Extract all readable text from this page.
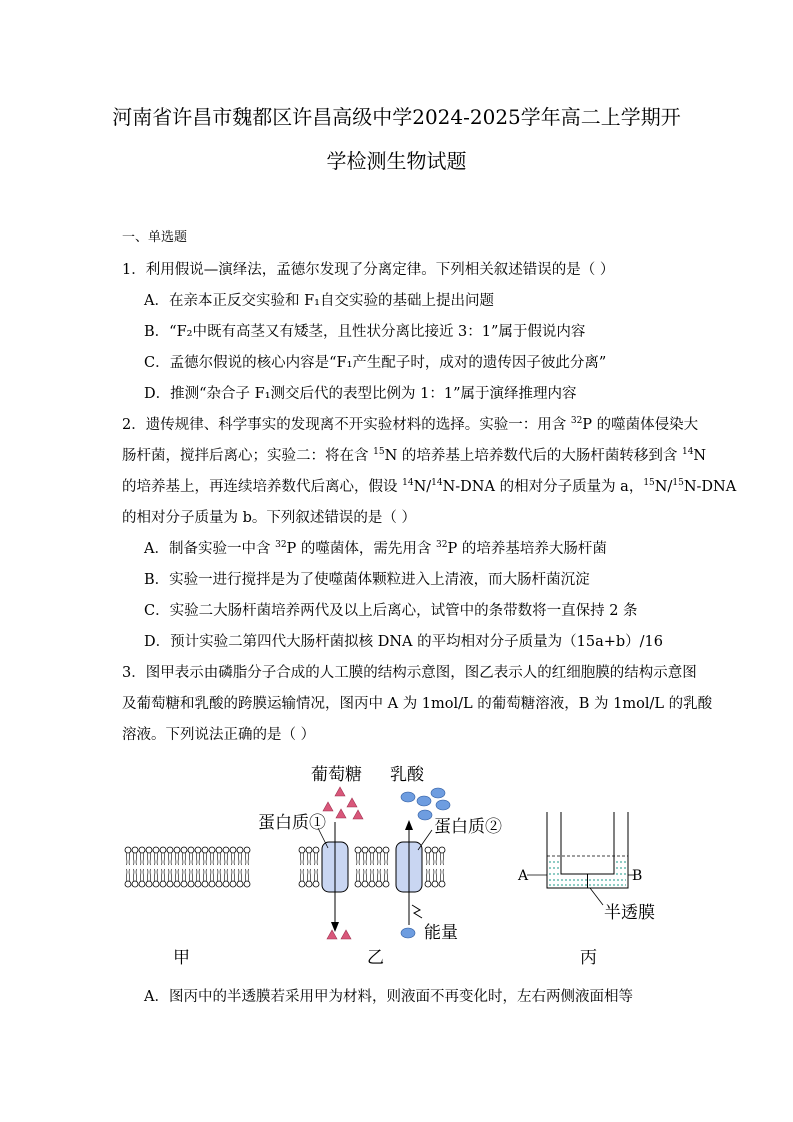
河南省许昌市魏都区许昌高级中学2024-2025学年高二上学期开
学检测生物试题
一、单选题
1．利用假说—演绎法，孟德尔发现了分离定律。下列相关叙述错误的是（ ）
A．在亲本正反交实验和 F₁自交实验的基础上提出问题
B．“F₂中既有高茎又有矮茎，且性状分离比接近 3：1”属于假说内容
C．孟德尔假说的核心内容是“F₁产生配子时，成对的遗传因子彼此分离”
D．推测“杂合子 F₁测交后代的表型比例为 1：1”属于演绎推理内容
2．遗传规律、科学事实的发现离不开实验材料的选择。实验一：用含 $^{32}$P 的噬菌体侵染大
肠杆菌，搅拌后离心；实验二：将在含 $^{15}$N 的培养基上培养数代后的大肠杆菌转移到含 $^{14}$N
的培养基上，再连续培养数代后离心，假设 $^{14}$N/$^{14}$N-DNA 的相对分子质量为 a，$^{15}$N/$^{15}$N-DNA
的相对分子质量为 b。下列叙述错误的是（ ）
A．制备实验一中含 $^{32}$P 的噬菌体，需先用含 $^{32}$P 的培养基培养大肠杆菌
B．实验一进行搅拌是为了使噬菌体颗粒进入上清液，而大肠杆菌沉淀
C．实验二大肠杆菌培养两代及以上后离心，试管中的条带数将一直保持 2 条
D．预计实验二第四代大肠杆菌拟核 DNA 的平均相对分子质量为（15a+b）/16
3．图甲表示由磷脂分子合成的人工膜的结构示意图，图乙表示人的红细胞膜的结构示意图
及葡萄糖和乳酸的跨膜运输情况，图丙中 A 为 1mol/L 的葡萄糖溶液，B 为 1mol/L 的乳酸
溶液。下列说法正确的是（ ）
葡萄糖 乳酸
蛋白质①	蛋白质②
能量
A	B
半透膜
甲	乙	丙
A．图丙中的半透膜若采用甲为材料，则液面不再变化时，左右两侧液面相等
